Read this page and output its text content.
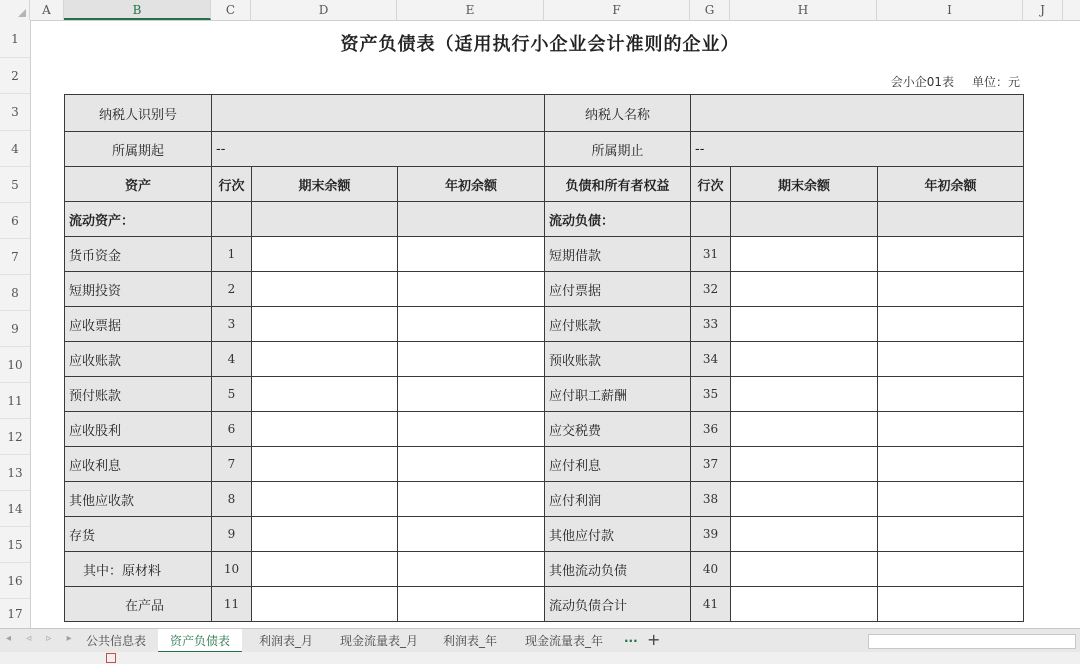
A	B	C	D	E	F	G	H	I	J
1
2
3
4
5
6
7
8
9
10
11
12
13
14
15
16
17
资产负债表（适用执行小企业会计准则的企业）
会小企01表 单位：元
纳税人识别号				纳税人名称			
所属期起	--			所属期止	--		
资产	行次	期末余额	年初余额	负债和所有者权益	行次	期末余额	年初余额
流动资产：				流动负债：			
货币资金	1			短期借款	31		
短期投资	2			应付票据	32		
应收票据	3			应付账款	33		
应收账款	4			预收账款	34		
预付账款	5			应付职工薪酬	35		
应收股利	6			应交税费	36		
应收利息	7			应付利息	37		
其他应收款	8			应付利润	38		
存货	9			其他应付款	39		
其中：原材料	10			其他流动负债	40		
在产品	11			流动负债合计	41		
◂ ◃ ▹ ▸ 公共信息表	资产负债表	利润表_月	现金流量表_月	利润表_年	现金流量表_年	··· +
